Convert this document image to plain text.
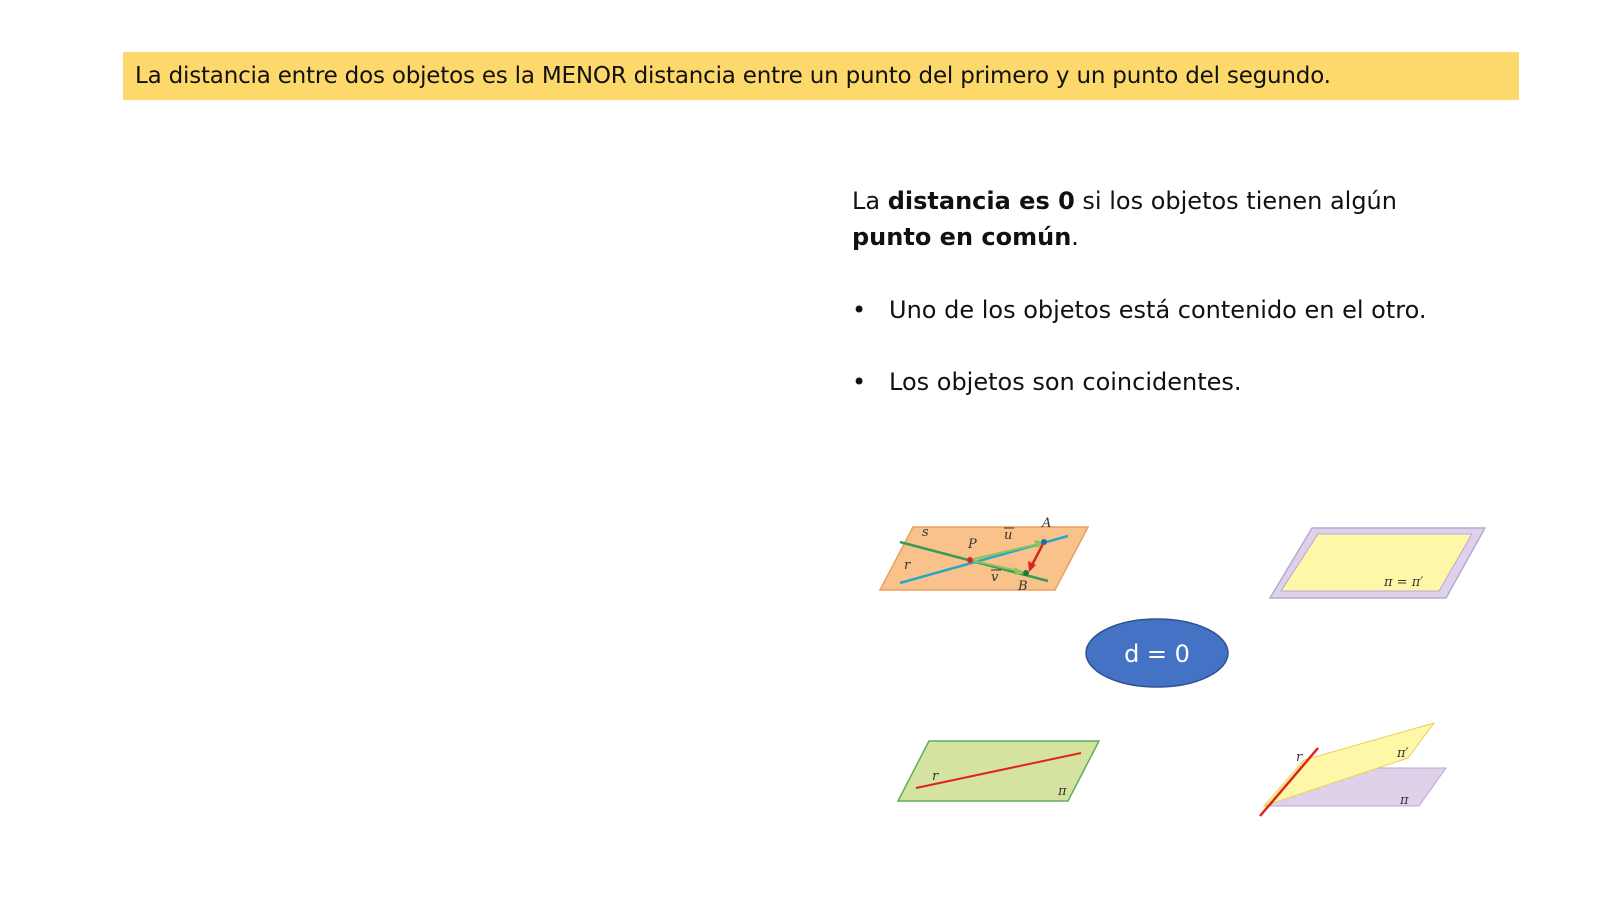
La distancia entre dos objetos es la MENOR distancia entre un punto del primero y un punto del segundo.
La distancia es 0 si los objetos tienen algún
punto en común.
• Uno de los objetos está contenido en el otro.
• Los objetos son coincidentes.
s
r
P
A
B
u
v	π = π′
d = 0
r
π
r	π′
π
